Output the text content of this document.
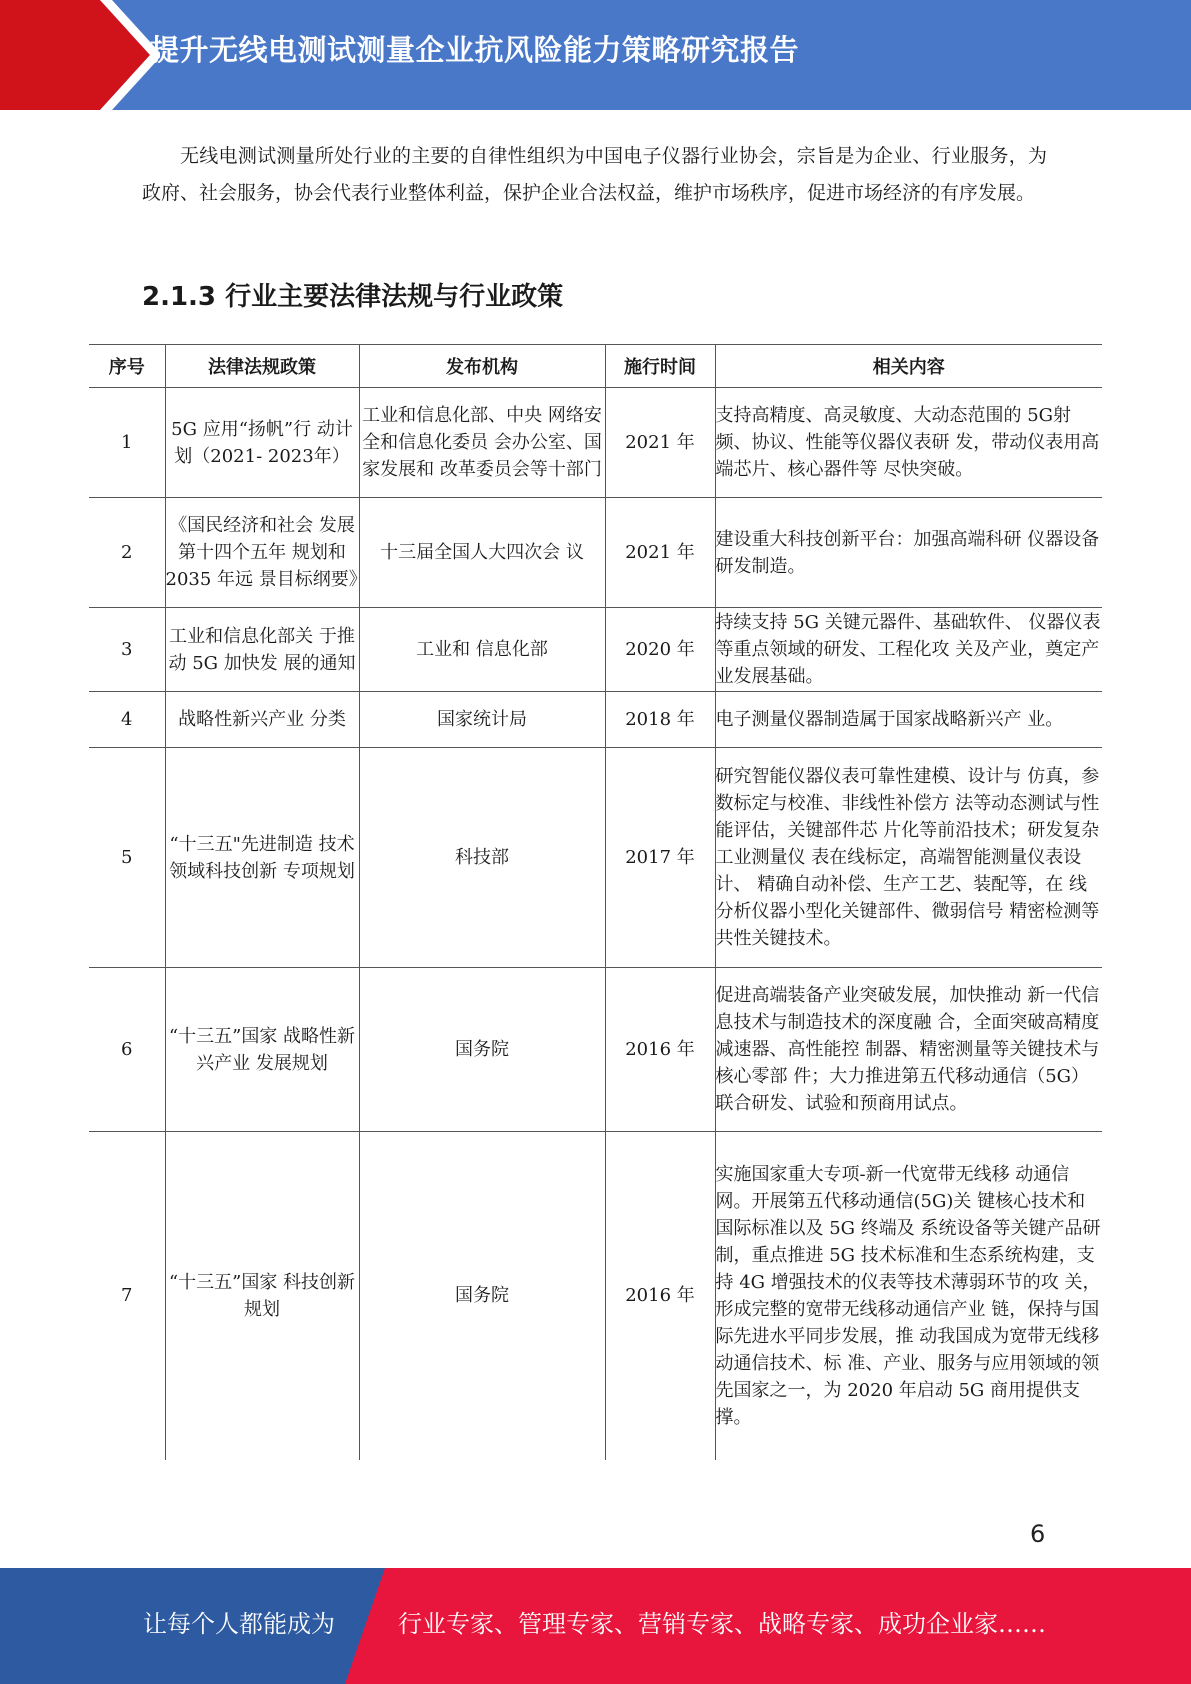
提升无线电测试测量企业抗风险能力策略研究报告

无线电测试测量所处行业的主要的自律性组织为中国电子仪器行业协会，宗旨是为企业、行业服务，为政府、社会服务，协会代表行业整体利益，保护企业合法权益，维护市场秩序，促进市场经济的有序发展。

2.1.3 行业主要法律法规与行业政策
序号	法律法规政策	发布机构	施行时间	相关内容
1	5G 应用“扬帆”行 动计划（2021- 2023年）	工业和信息化部、中央 网络安全和信息化委员 会办公室、国家发展和 改革委员会等十部门	2021 年	支持高精度、高灵敏度、大动态范围的 5G射频、协议、性能等仪器仪表研 发，带动仪表用高端芯片、核心器件等 尽快突破。
2	《国民经济和社会 发展第十四个五年 规划和 2035 年远 景目标纲要》	十三届全国人大四次会 议	2021 年	建设重大科技创新平台：加强高端科研 仪器设备研发制造。
3	工业和信息化部关 于推动 5G 加快发 展的通知	工业和 信息化部	2020 年	持续支持 5G 关键元器件、基础软件、 仪器仪表等重点领域的研发、工程化攻 关及产业，奠定产业发展基础。
4	战略性新兴产业 分类	国家统计局	2018 年	电子测量仪器制造属于国家战略新兴产 业。
5	“十三五"先进制造 技术领域科技创新 专项规划	科技部	2017 年	研究智能仪器仪表可靠性建模、设计与 仿真，参数标定与校准、非线性补偿方 法等动态测试与性能评估，关键部件芯 片化等前沿技术；研发复杂工业测量仪 表在线标定，高端智能测量仪表设计、 精确自动补偿、生产工艺、装配等，在 线分析仪器小型化关键部件、微弱信号 精密检测等共性关键技术。
6	“十三五”国家 战略性新兴产业 发展规划	国务院	2016 年	促进高端装备产业突破发展，加快推动 新一代信息技术与制造技术的深度融 合，全面突破高精度减速器、高性能控 制器、精密测量等关键技术与核心零部 件；大力推进第五代移动通信（5G） 联合研发、试验和预商用试点。
7	“十三五”国家 科技创新规划	国务院	2016 年	实施国家重大专项-新一代宽带无线移 动通信网。开展第五代移动通信(5G)关 键核心技术和国际标准以及 5G 终端及 系统设备等关键产品研制，重点推进 5G 技术标准和生态系统构建，支持 4G 增强技术的仪表等技术薄弱环节的攻 关，形成完整的宽带无线移动通信产业 链，保持与国际先进水平同步发展，推 动我国成为宽带无线移动通信技术、标 准、产业、服务与应用领域的领先国家之一，为 2020 年启动 5G 商用提供支 撑。
6
让每个人都能成为	行业专家、管理专家、营销专家、战略专家、成功企业家……
